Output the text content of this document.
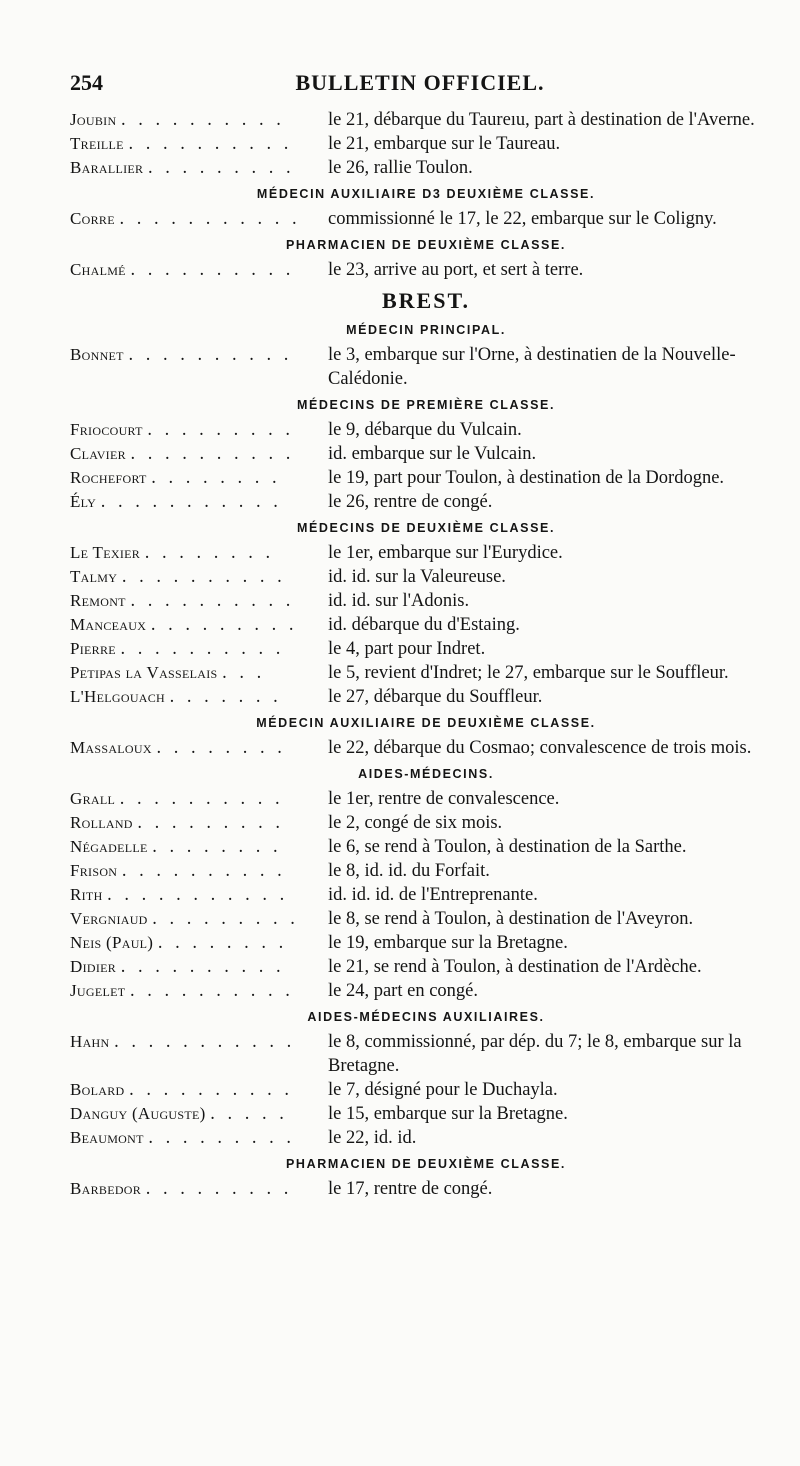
254	BULLETIN OFFICIEL.
Joubin . . . . . . . . . .	le 21, débarque du Taureıu, part à destination de l'Averne.
Treille . . . . . . . . . .	le 21, embarque sur le Taureau.
Barallier . . . . . . . . .	le 26, rallie Toulon.
MÉDECIN AUXILIAIRE D3 DEUXIÈME CLASSE.
Corre . . . . . . . . . . .	commissionné le 17, le 22, embarque sur le Coligny.
PHARMACIEN DE DEUXIÈME CLASSE.
Chalmé . . . . . . . . . .	le 23, arrive au port, et sert à terre.
BREST.
MÉDECIN PRINCIPAL.
Bonnet . . . . . . . . . .	le 3, embarque sur l'Orne, à destinatien de la Nouvelle-Calédonie.
MÉDECINS DE PREMIÈRE CLASSE.
Friocourt . . . . . . . . .	le 9, débarque du Vulcain.
Clavier . . . . . . . . . .	id. embarque sur le Vulcain.
Rochefort . . . . . . . .	le 19, part pour Toulon, à destination de la Dordogne.
Ély . . . . . . . . . . .	le 26, rentre de congé.
MÉDECINS DE DEUXIÈME CLASSE.
Le Texier . . . . . . . .	le 1er, embarque sur l'Eurydice.
Talmy . . . . . . . . . .	id. id. sur la Valeureuse.
Remont . . . . . . . . . .	id. id. sur l'Adonis.
Manceaux . . . . . . . . .	id. débarque du d'Estaing.
Pierre . . . . . . . . . .	le 4, part pour Indret.
Petipas la Vasselais . . .	le 5, revient d'Indret; le 27, embarque sur le Souffleur.
L'Helgouach . . . . . . .	le 27, débarque du Souffleur.
MÉDECIN AUXILIAIRE DE DEUXIÈME CLASSE.
Massaloux . . . . . . . .	le 22, débarque du Cosmao; convalescence de trois mois.
AIDES-MÉDECINS.
Grall . . . . . . . . . .	le 1er, rentre de convalescence.
Rolland . . . . . . . . .	le 2, congé de six mois.
Négadelle . . . . . . . .	le 6, se rend à Toulon, à destination de la Sarthe.
Frison . . . . . . . . . .	le 8, id. id. du Forfait.
Rith . . . . . . . . . . .	id. id. id. de l'Entreprenante.
Vergniaud . . . . . . . . .	le 8, se rend à Toulon, à destination de l'Aveyron.
Neis (Paul) . . . . . . . .	le 19, embarque sur la Bretagne.
Didier . . . . . . . . . .	le 21, se rend à Toulon, à destination de l'Ardèche.
Jugelet . . . . . . . . . .	le 24, part en congé.
AIDES-MÉDECINS AUXILIAIRES.
Hahn . . . . . . . . . . .	le 8, commissionné, par dép. du 7; le 8, embarque sur la Bretagne.
Bolard . . . . . . . . . .	le 7, désigné pour le Duchayla.
Danguy (Auguste) . . . . .	le 15, embarque sur la Bretagne.
Beaumont . . . . . . . . .	le 22, id. id.
PHARMACIEN DE DEUXIÈME CLASSE.
Barbedor . . . . . . . . .	le 17, rentre de congé.
